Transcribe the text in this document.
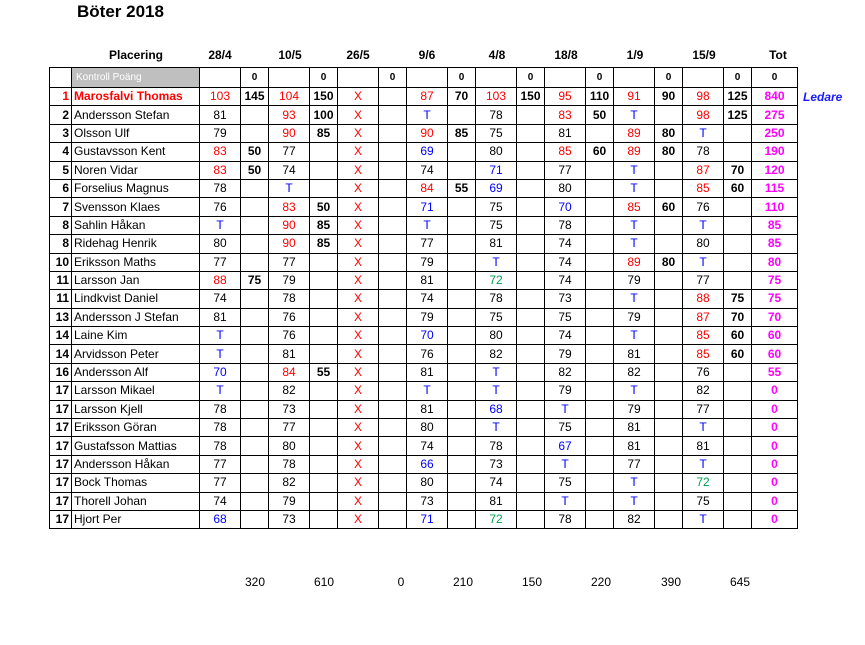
Böter 2018
Placering	28/4	10/5	26/5	9/6	4/8	18/8	1/9	15/9	Tot
	Kontroll Poäng		0		0		0		0		0		0		0		0	0
1	Marosfalvi Thomas	103	145	104	150	X		87	70	103	150	95	110	91	90	98	125	840
2	Andersson Stefan	81		93	100	X		T		78		83	50	T		98	125	275
3	Olsson Ulf	79		90	85	X		90	85	75		81		89	80	T		250
4	Gustavsson Kent	83	50	77		X		69		80		85	60	89	80	78		190
5	Noren Vidar	83	50	74		X		74		71		77		T		87	70	120
6	Forselius Magnus	78		T		X		84	55	69		80		T		85	60	115
7	Svensson Klaes	76		83	50	X		71		75		70		85	60	76		110
8	Sahlin Håkan	T		90	85	X		T		75		78		T		T		85
8	Ridehag Henrik	80		90	85	X		77		81		74		T		80		85
10	Eriksson Maths	77		77		X		79		T		74		89	80	T		80
11	Larsson Jan	88	75	79		X		81		72		74		79		77		75
11	Lindkvist Daniel	74		78		X		74		78		73		T		88	75	75
13	Andersson J Stefan	81		76		X		79		75		75		79		87	70	70
14	Laine Kim	T		76		X		70		80		74		T		85	60	60
14	Arvidsson Peter	T		81		X		76		82		79		81		85	60	60
16	Andersson Alf	70		84	55	X		81		T		82		82		76		55
17	Larsson Mikael	T		82		X		T		T		79		T		82		0
17	Larsson Kjell	78		73		X		81		68		T		79		77		0
17	Eriksson Göran	78		77		X		80		T		75		81		T		0
17	Gustafsson Mattias	78		80		X		74		78		67		81		81		0
17	Andersson Håkan	77		78		X		66		73		T		77		T		0
17	Bock Thomas	77		82		X		80		74		75		T		72		0
17	Thorell Johan	74		79		X		73		81		T		T		75		0
17	Hjort Per	68		73		X		71		72		78		82		T		0
Ledare
320	610	0	210	150	220	390	645
